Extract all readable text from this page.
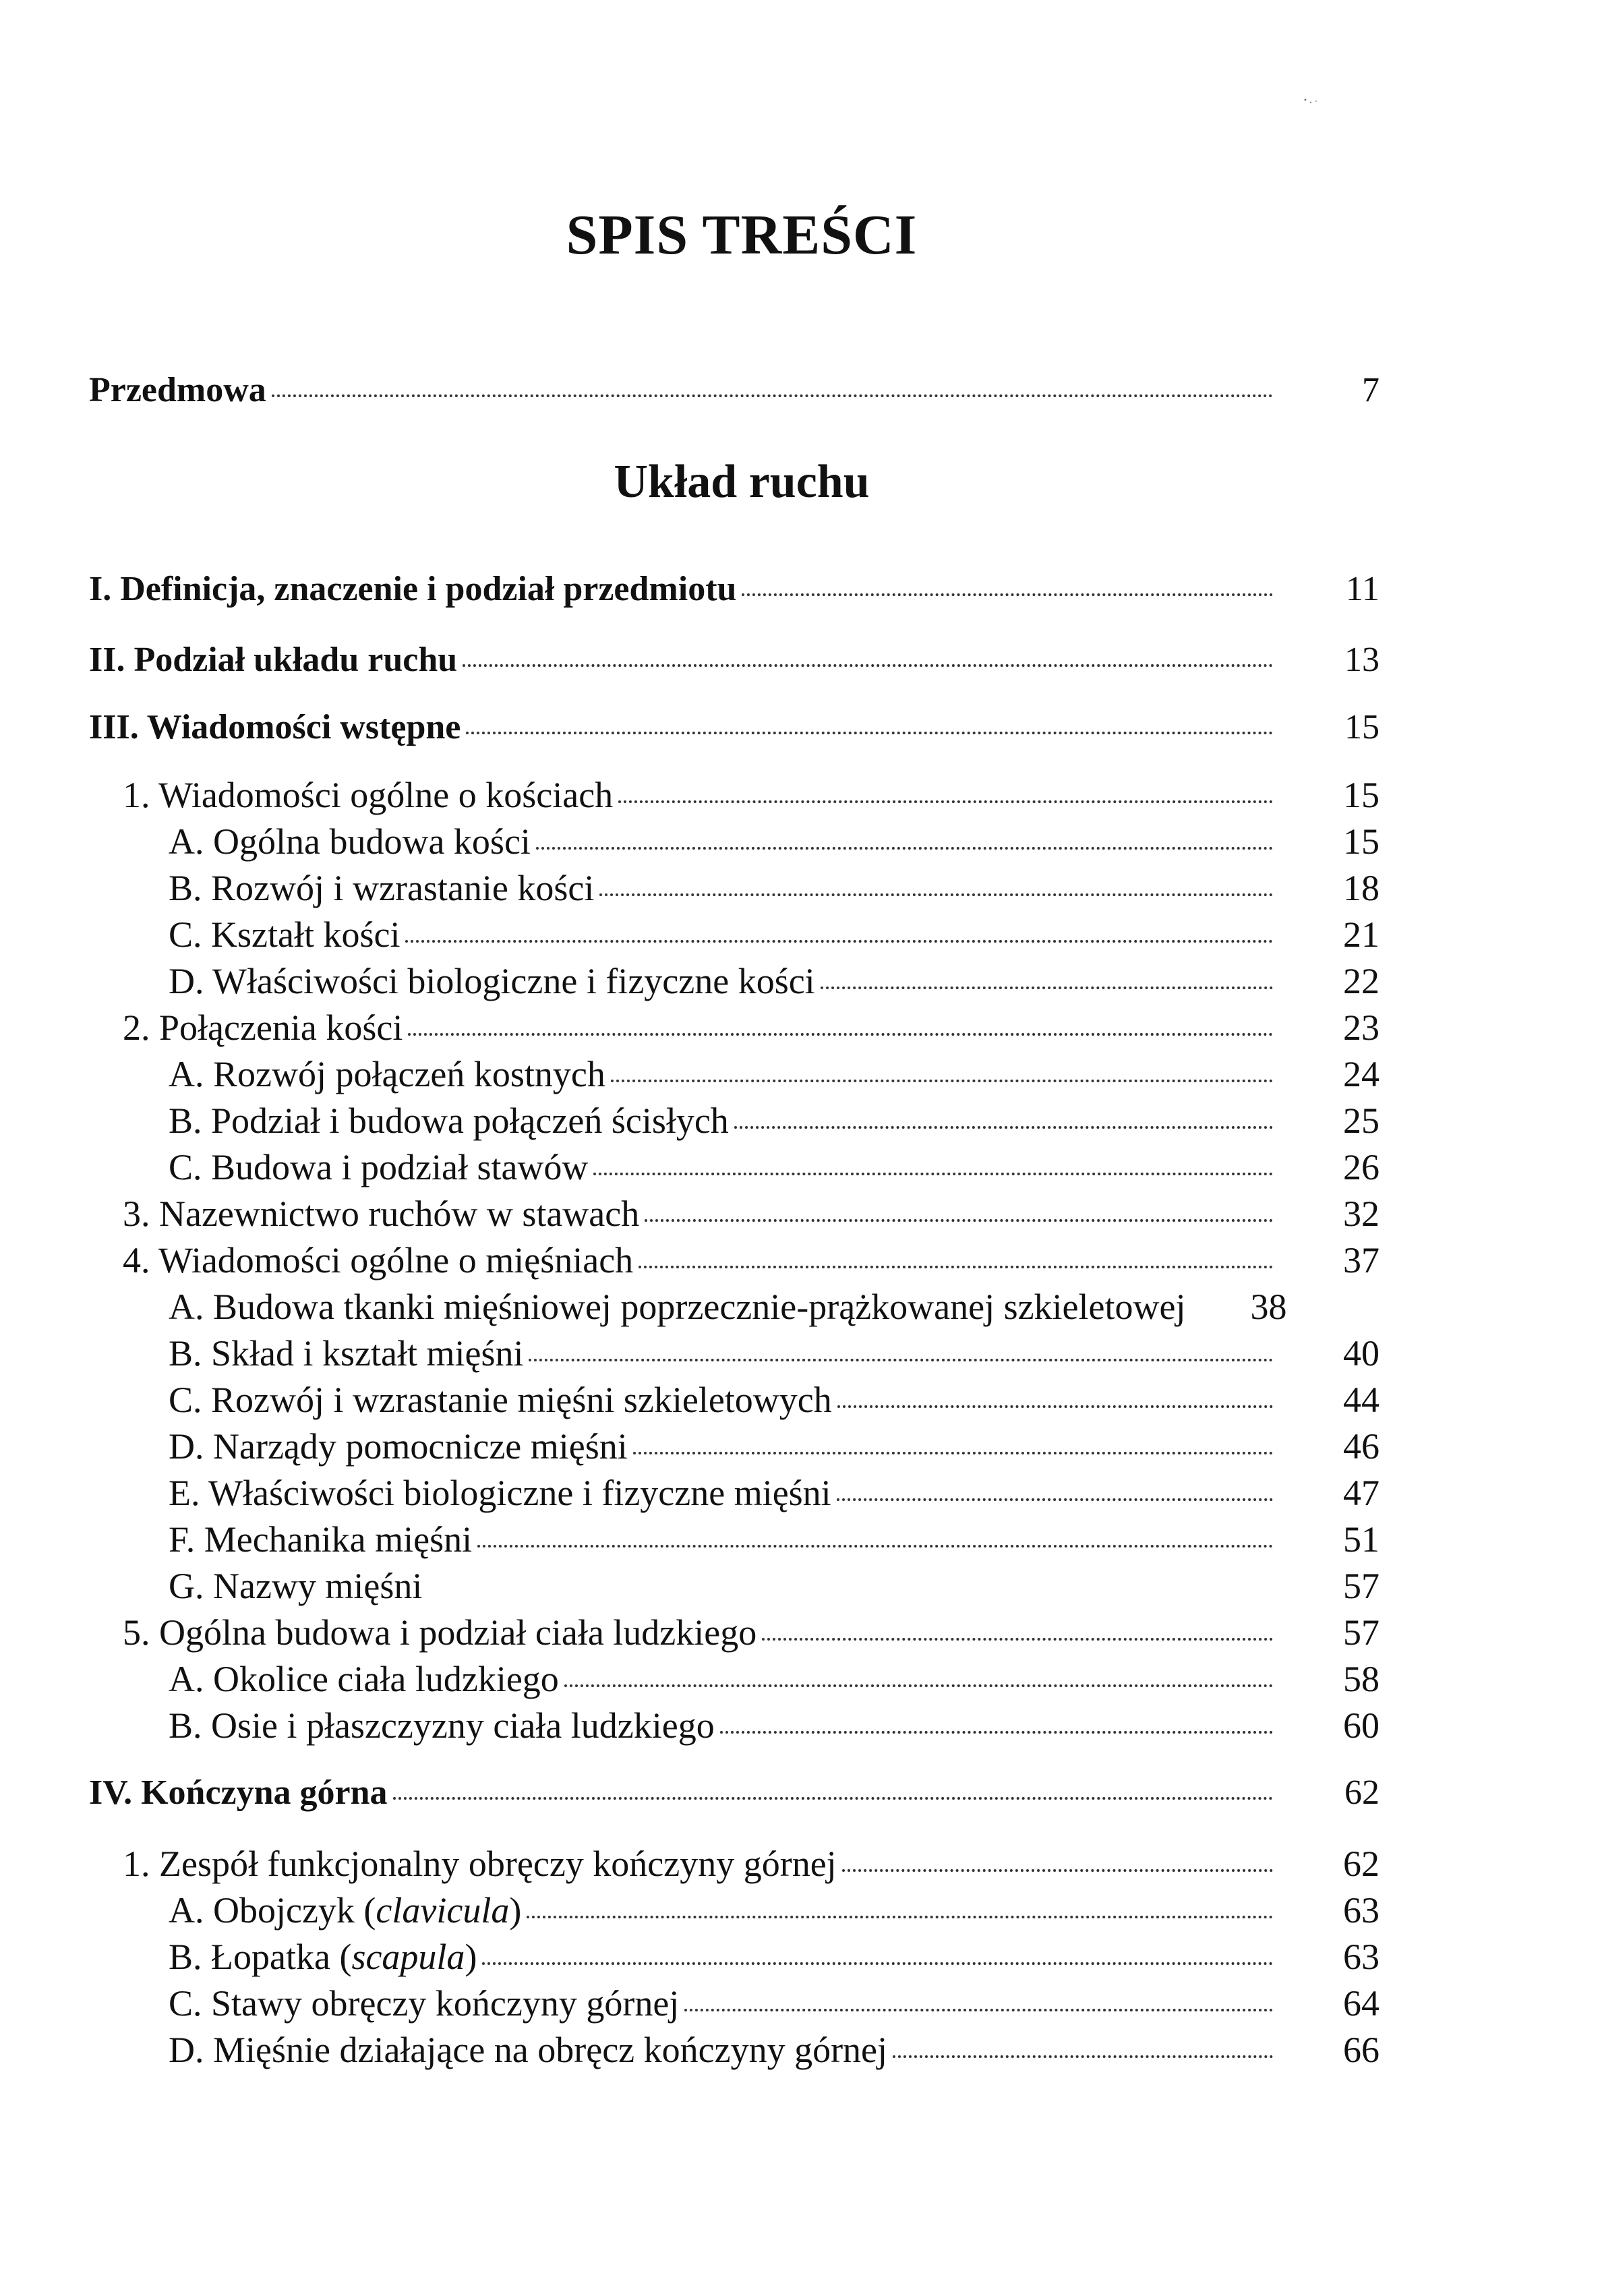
SPIS TREŚCI
Przedmowa	7
Układ ruchu
I. Definicja, znaczenie i podział przedmiotu	11
II. Podział układu ruchu	13
III. Wiadomości wstępne	15
1. Wiadomości ogólne o kościach	15
A. Ogólna budowa kości	15
B. Rozwój i wzrastanie kości	18
C. Kształt kości	21
D. Właściwości biologiczne i fizyczne kości	22
2. Połączenia kości	23
A. Rozwój połączeń kostnych	24
B. Podział i budowa połączeń ścisłych	25
C. Budowa i podział stawów	26
3. Nazewnictwo ruchów w stawach	32
4. Wiadomości ogólne o mięśniach	37
A. Budowa tkanki mięśniowej poprzecznie-prążkowanej szkieletowej	38
B. Skład i kształt mięśni	40
C. Rozwój i wzrastanie mięśni szkieletowych	44
D. Narządy pomocnicze mięśni	46
E. Właściwości biologiczne i fizyczne mięśni	47
F. Mechanika mięśni	51
G. Nazwy mięśni	57
5. Ogólna budowa i podział ciała ludzkiego	57
A. Okolice ciała ludzkiego	58
B. Osie i płaszczyzny ciała ludzkiego	60
IV. Kończyna górna	62
1. Zespół funkcjonalny obręczy kończyny górnej	62
A. Obojczyk (clavicula)	63
B. Łopatka (scapula)	63
C. Stawy obręczy kończyny górnej	64
D. Mięśnie działające na obręcz kończyny górnej	66
